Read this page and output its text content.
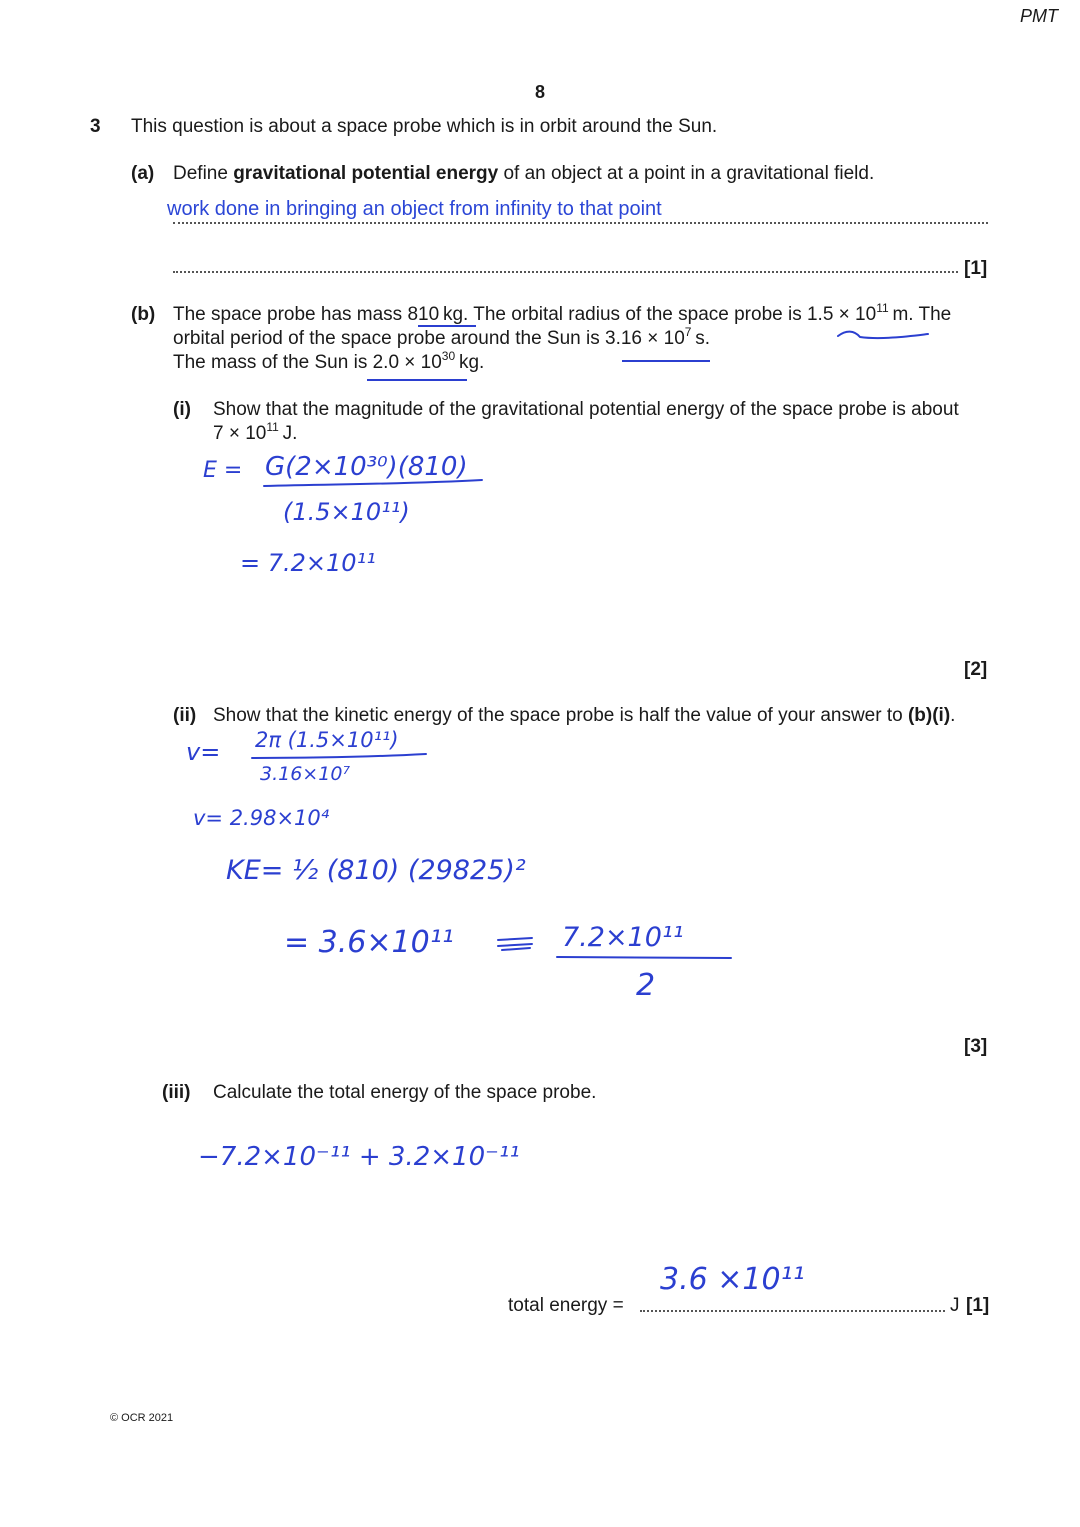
PMT
8
3 This question is about a space probe which is in orbit around the Sun.
(a) Define gravitational potential energy of an object at a point in a gravitational field.
work done in bringing an object from infinity to that point
[1]
(b) The space probe has mass 810 kg. The orbital radius of the space probe is $1.5 \times 10^{11}$ m. The
orbital period of the space probe around the Sun is $3.16 \times 10^7$ s.
The mass of the Sun is $2.0 \times 10^{30}$ kg.
(i) Show that the magnitude of the gravitational potential energy of the space probe is about
$7 \times 10^{11}$ J.
E = G(2×10³⁰)(810)
(1.5×10¹¹)
= 7.2×10¹¹
[2]
(ii) Show that the kinetic energy of the space probe is half the value of your answer to (b)(i).
v= 2π (1.5×10¹¹)
3.16×10⁷
v= 2.98×10⁴
KE= ½ (810) (29825)²
= 3.6×10¹¹	7.2×10¹¹
2
[3]
(iii) Calculate the total energy of the space probe.
−7.2×10⁻¹¹ + 3.2×10⁻¹¹
total energy =
3.6 ×10¹¹
J [1]
© OCR 2021
